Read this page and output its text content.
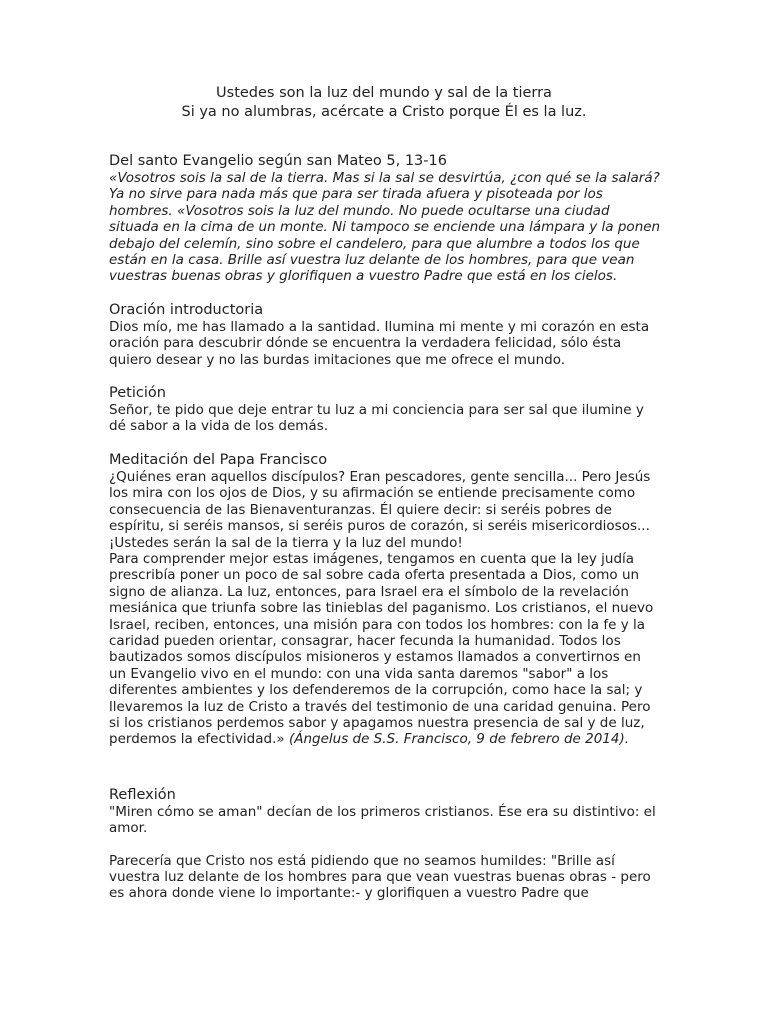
Ustedes son la luz del mundo y sal de la tierra
Si ya no alumbras, acércate a Cristo porque Él es la luz.
Del santo Evangelio según san Mateo 5, 13-16

«Vosotros sois la sal de la tierra. Mas si la sal se desvirtúa, ¿con qué se la salará? Ya no sirve para nada más que para ser tirada afuera y pisoteada por los hombres. «Vosotros sois la luz del mundo. No puede ocultarse una ciudad situada en la cima de un monte. Ni tampoco se enciende una lámpara y la ponen debajo del celemín, sino sobre el candelero, para que alumbre a todos los que están en la casa. Brille así vuestra luz delante de los hombres, para que vean vuestras buenas obras y glorifiquen a vuestro Padre que está en los cielos.

Oración introductoria

Dios mío, me has llamado a la santidad. Ilumina mi mente y mi corazón en esta oración para descubrir dónde se encuentra la verdadera felicidad, sólo ésta quiero desear y no las burdas imitaciones que me ofrece el mundo.

Petición

Señor, te pido que deje entrar tu luz a mi conciencia para ser sal que ilumine y dé sabor a la vida de los demás.

Meditación del Papa Francisco

¿Quiénes eran aquellos discípulos? Eran pescadores, gente sencilla... Pero Jesús los mira con los ojos de Dios, y su afirmación se entiende precisamente como consecuencia de las Bienaventuranzas. Él quiere decir: si seréis pobres de espíritu, si seréis mansos, si seréis puros de corazón, si seréis misericordiosos... ¡Ustedes serán la sal de la tierra y la luz del mundo!

Para comprender mejor estas imágenes, tengamos en cuenta que la ley judía prescribía poner un poco de sal sobre cada oferta presentada a Dios, como un signo de alianza. La luz, entonces, para Israel era el símbolo de la revelación mesiánica que triunfa sobre las tinieblas del paganismo. Los cristianos, el nuevo Israel, reciben, entonces, una misión para con todos los hombres: con la fe y la caridad pueden orientar, consagrar, hacer fecunda la humanidad. Todos los bautizados somos discípulos misioneros y estamos llamados a convertirnos en un Evangelio vivo en el mundo: con una vida santa daremos "sabor" a los diferentes ambientes y los defenderemos de la corrupción, como hace la sal; y llevaremos la luz de Cristo a través del testimonio de una caridad genuina. Pero si los cristianos perdemos sabor y apagamos nuestra presencia de sal y de luz, perdemos la efectividad.» (Ángelus de S.S. Francisco, 9 de febrero de 2014).

Reflexión

"Miren cómo se aman" decían de los primeros cristianos. Ése era su distintivo: el amor.

Parecería que Cristo nos está pidiendo que no seamos humildes: "Brille así vuestra luz delante de los hombres para que vean vuestras buenas obras - pero es ahora donde viene lo importante:- y glorifiquen a vuestro Padre que
